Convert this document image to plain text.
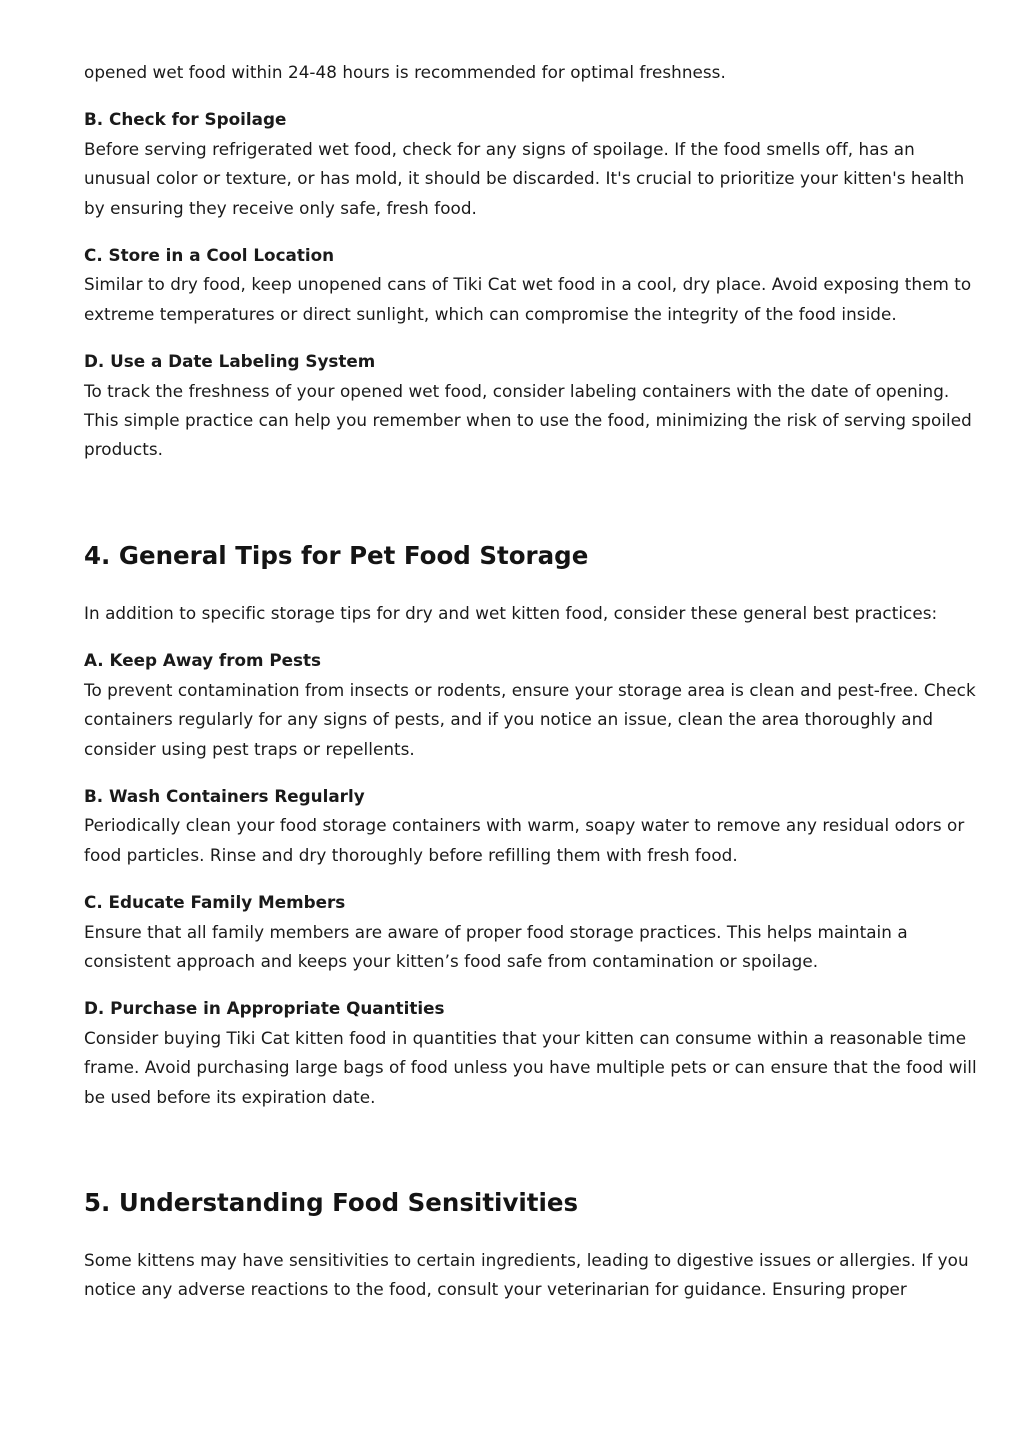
opened wet food within 24-48 hours is recommended for optimal freshness.

B. Check for Spoilage

Before serving refrigerated wet food, check for any signs of spoilage. If the food smells off, has an unusual color or texture, or has mold, it should be discarded. It's crucial to prioritize your kitten's health by ensuring they receive only safe, fresh food.

C. Store in a Cool Location

Similar to dry food, keep unopened cans of Tiki Cat wet food in a cool, dry place. Avoid exposing them to extreme temperatures or direct sunlight, which can compromise the integrity of the food inside.

D. Use a Date Labeling System

To track the freshness of your opened wet food, consider labeling containers with the date of opening. This simple practice can help you remember when to use the food, minimizing the risk of serving spoiled products.

4. General Tips for Pet Food Storage

In addition to specific storage tips for dry and wet kitten food, consider these general best practices:

A. Keep Away from Pests

To prevent contamination from insects or rodents, ensure your storage area is clean and pest-free. Check containers regularly for any signs of pests, and if you notice an issue, clean the area thoroughly and consider using pest traps or repellents.

B. Wash Containers Regularly

Periodically clean your food storage containers with warm, soapy water to remove any residual odors or food particles. Rinse and dry thoroughly before refilling them with fresh food.

C. Educate Family Members

Ensure that all family members are aware of proper food storage practices. This helps maintain a consistent approach and keeps your kitten’s food safe from contamination or spoilage.

D. Purchase in Appropriate Quantities

Consider buying Tiki Cat kitten food in quantities that your kitten can consume within a reasonable time frame. Avoid purchasing large bags of food unless you have multiple pets or can ensure that the food will be used before its expiration date.

5. Understanding Food Sensitivities

Some kittens may have sensitivities to certain ingredients, leading to digestive issues or allergies. If you notice any adverse reactions to the food, consult your veterinarian for guidance. Ensuring proper
